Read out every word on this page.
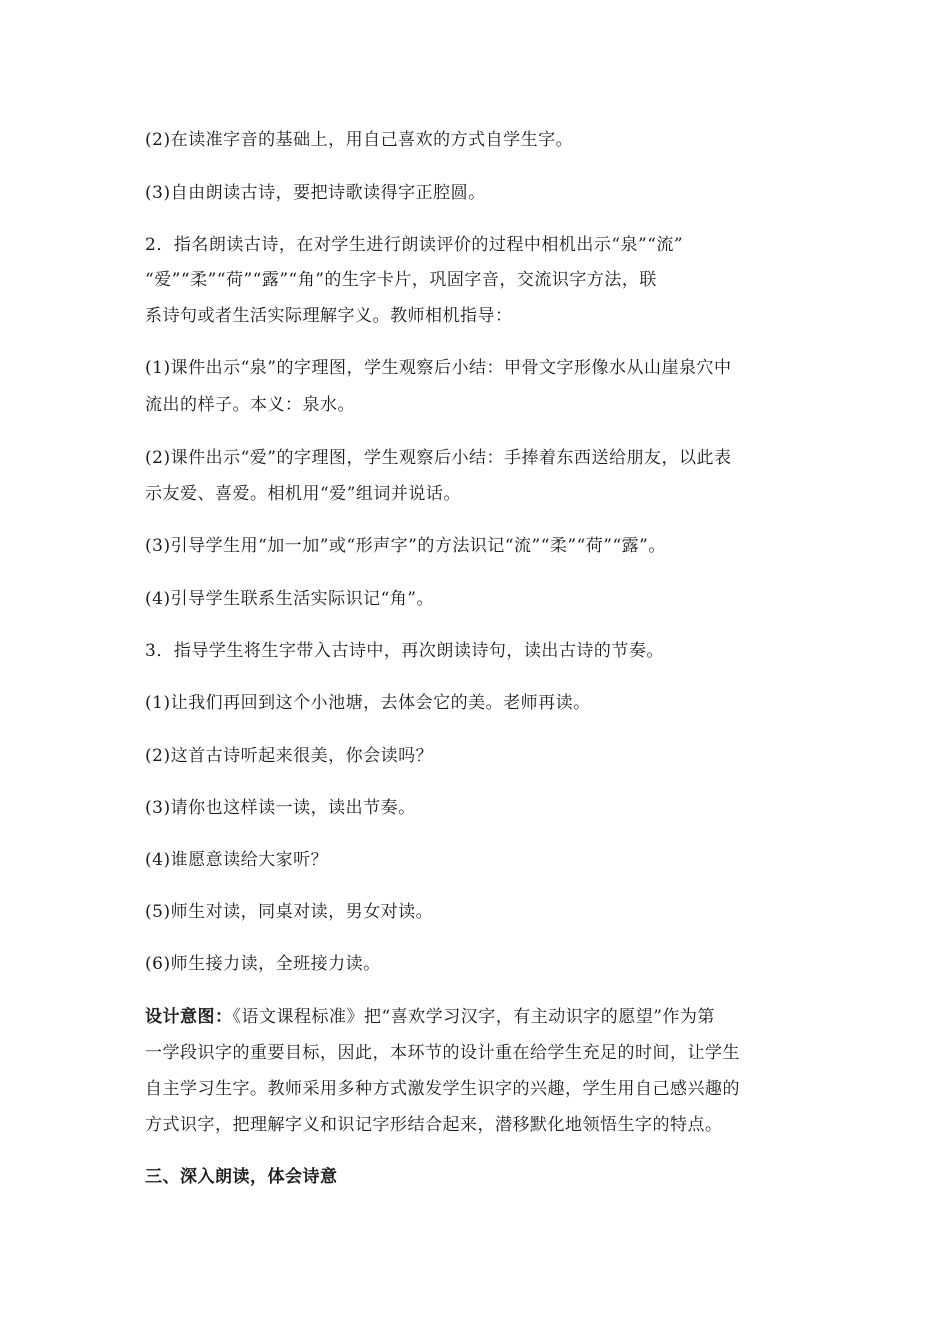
(2)在读准字音的基础上，用自己喜欢的方式自学生字。
(3)自由朗读古诗，要把诗歌读得字正腔圆。
2．指名朗读古诗，在对学生进行朗读评价的过程中相机出示“泉”“流”
“爱”“柔”“荷”“露”“角”的生字卡片，巩固字音，交流识字方法，联
系诗句或者生活实际理解字义。教师相机指导：
(1)课件出示“泉”的字理图，学生观察后小结：甲骨文字形像水从山崖泉穴中
流出的样子。本义：泉水。
(2)课件出示“爱”的字理图，学生观察后小结：手捧着东西送给朋友，以此表
示友爱、喜爱。相机用“爱”组词并说话。
(3)引导学生用“加一加”或“形声字”的方法识记“流”“柔”“荷”“露”。
(4)引导学生联系生活实际识记“角”。
3．指导学生将生字带入古诗中，再次朗读诗句，读出古诗的节奏。
(1)让我们再回到这个小池塘，去体会它的美。老师再读。
(2)这首古诗听起来很美，你会读吗？
(3)请你也这样读一读，读出节奏。
(4)谁愿意读给大家听？
(5)师生对读，同桌对读，男女对读。
(6)师生接力读，全班接力读。
设计意图：《语文课程标准》把“喜欢学习汉字，有主动识字的愿望”作为第
一学段识字的重要目标，因此，本环节的设计重在给学生充足的时间，让学生
自主学习生字。教师采用多种方式激发学生识字的兴趣，学生用自己感兴趣的
方式识字，把理解字义和识记字形结合起来，潜移默化地领悟生字的特点。
三、深入朗读，体会诗意
